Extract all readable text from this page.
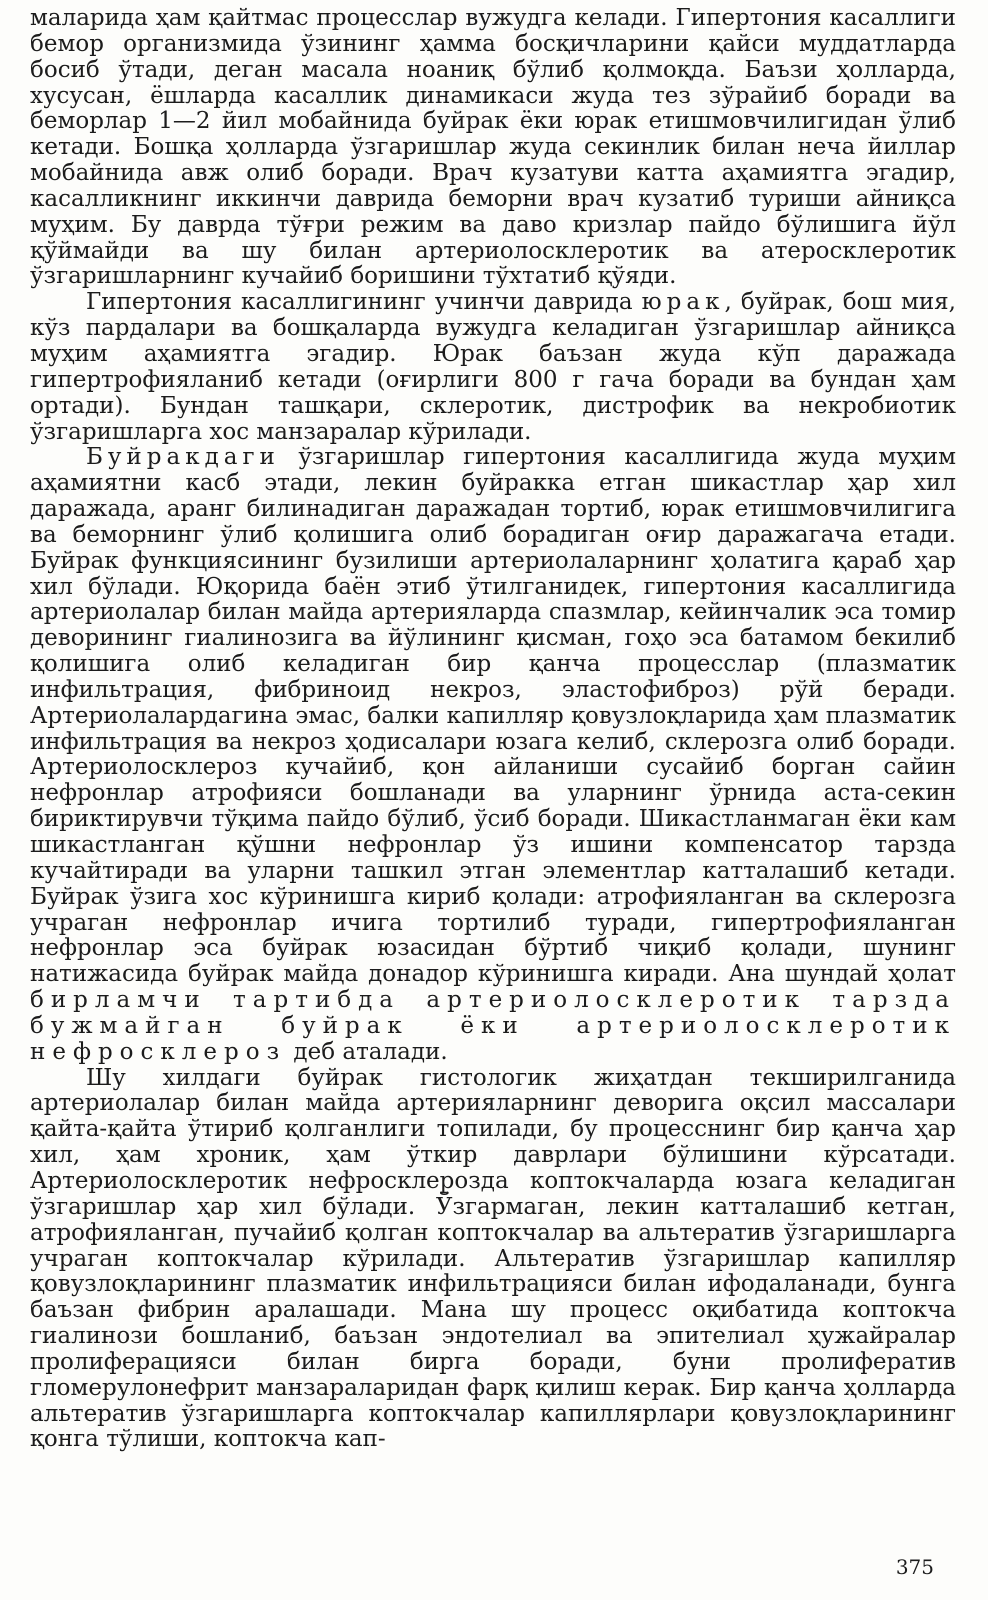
маларида ҳам қайтмас процесслар вужудга келади. Гипертония касаллиги бемор организмида ўзининг ҳамма босқичларини қайси муддатларда босиб ўтади, деган масала ноаниқ бўлиб қолмоқда. Баъзи ҳолларда, хусусан, ёшларда касаллик динамикаси жуда тез зўрайиб боради ва беморлар 1—2 йил мобайнида буйрак ёки юрак етишмовчилигидан ўлиб кетади. Бошқа ҳолларда ўзгаришлар жуда секинлик билан неча йиллар мобайнида авж олиб боради. Врач кузатуви катта аҳамиятга эгадир, касалликнинг иккинчи даврида беморни врач кузатиб туриши айниқса муҳим. Бу даврда тўғри режим ва даво кризлар пайдо бўлишига йўл қўймайди ва шу билан артериолосклеротик ва атеросклеротик ўзгаришларнинг кучайиб боришини тўхтатиб қўяди.

Гипертония касаллигининг учинчи даврида юрак, буйрак, бош мия, кўз пардалари ва бошқаларда вужудга келадиган ўзгаришлар айниқса муҳим аҳамиятга эгадир. Юрак баъзан жуда кўп даражада гипертрофияланиб кетади (оғирлиги 800 г гача боради ва бундан ҳам ортади). Бундан ташқари, склеротик, дистрофик ва некробиотик ўзгаришларга хос манзаралар кўрилади.

Буйракдаги ўзгаришлар гипертония касаллигида жуда муҳим аҳамиятни касб этади, лекин буйракка етган шикастлар ҳар хил даражада, аранг билинадиган даражадан тортиб, юрак етишмовчилигига ва беморнинг ўлиб қолишига олиб борадиган оғир даражагача етади. Буйрак функциясининг бузилиши артериолаларнинг ҳолатига қараб ҳар хил бўлади. Юқорида баён этиб ўтилганидек, гипертония касаллигида артериолалар билан майда артерияларда спазмлар, кейинчалик эса томир деворининг гиалинозига ва йўлининг қисман, гоҳо эса батамом бекилиб қолишига олиб келадиган бир қанча процесслар (плазматик инфильтрация, фибриноид некроз, эластофиброз) рўй беради. Артериолалардагина эмас, балки капилляр қовузлоқларида ҳам плазматик инфильтрация ва некроз ҳодисалари юзага келиб, склерозга олиб боради. Артериолосклероз кучайиб, қон айланиши сусайиб борган сайин нефронлар атрофияси бошланади ва уларнинг ўрнида аста-секин бириктирувчи тўқима пайдо бўлиб, ўсиб боради. Шикастланмаган ёки кам шикастланган қўшни нефронлар ўз ишини компенсатор тарзда кучайтиради ва уларни ташкил этган элементлар катталашиб кетади. Буйрак ўзига хос кўринишга кириб қолади: атрофияланган ва склерозга учраган нефронлар ичига тортилиб туради, гипертрофияланган нефронлар эса буйрак юзасидан бўртиб чиқиб қолади, шунинг натижасида буйрак майда донадор кўринишга киради. Ана шундай ҳолат бирламчи тартибда артериолосклеротик тарзда бужмайган буйрак ёки артериолосклеротик нефросклероз деб аталади.

Шу хилдаги буйрак гистологик жиҳатдан текширилганида артериолалар билан майда артерияларнинг деворига оқсил массалари қайта-қайта ўтириб қолганлиги топилади, бу процесснинг бир қанча ҳар хил, ҳам хроник, ҳам ўткир даврлари бўлишини кўрсатади. Артериолосклеротик нефросклерозда коптокчаларда юзага келадиган ўзгаришлар ҳар хил бўлади. Ўзгармаган, лекин катталашиб кетган, атрофияланган, пучайиб қолган коптокчалар ва альтератив ўзгаришларга учраган коптокчалар кўрилади. Альтератив ўзгаришлар капилляр қовузлоқларининг плазматик инфильтрацияси билан ифодаланади, бунга баъзан фибрин аралашади. Мана шу процесс оқибатида коптокча гиалинози бошланиб, баъзан эндотелиал ва эпителиал ҳужайралар пролиферацияси билан бирга боради, буни пролифератив гломерулонефрит манзараларидан фарқ қилиш керак. Бир қанча ҳолларда альтератив ўзгаришларга коптокчалар капиллярлари қовузлоқларининг қонга тўлиши, коптокча кап-

375
